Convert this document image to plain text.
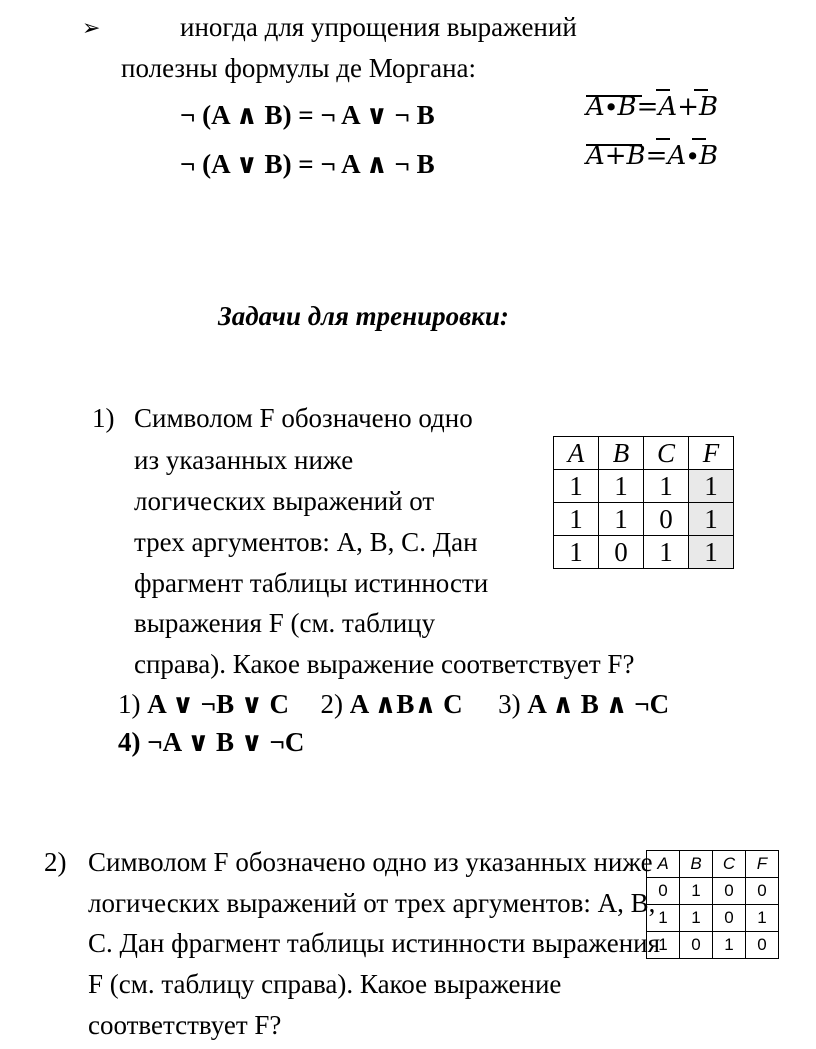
➢	иногда для упрощения выражений
полезны формулы де Моргана:
¬ (A ∧ B) = ¬ A ∨ ¬ B
¬ (A ∨ B) = ¬ A ∧ ¬ B
A∙B=A+B
A+B=A∙B
Задачи для тренировки:
1) Символом F обозначено одно
из указанных ниже
логических выражений от
трех аргументов: A, B, C. Дан
фрагмент таблицы истинности
выражения F (см. таблицу
справа). Какое выражение соответствует F?
1) A ∨ ¬B ∨ C 2) A ∧B∧ C 3) A ∧ B ∧ ¬C
4) ¬A ∨ B ∨ ¬C
A	B	C	F
1	1	1	1
1	1	0	1
1	0	1	1
2) Символом F обозначено одно из указанных ниже
логических выражений от трех аргументов: A, B,
C. Дан фрагмент таблицы истинности выражения
F (см. таблицу справа). Какое выражение
соответствует F?
A	B	C	F
0	1	0	0
1	1	0	1
1	0	1	0
